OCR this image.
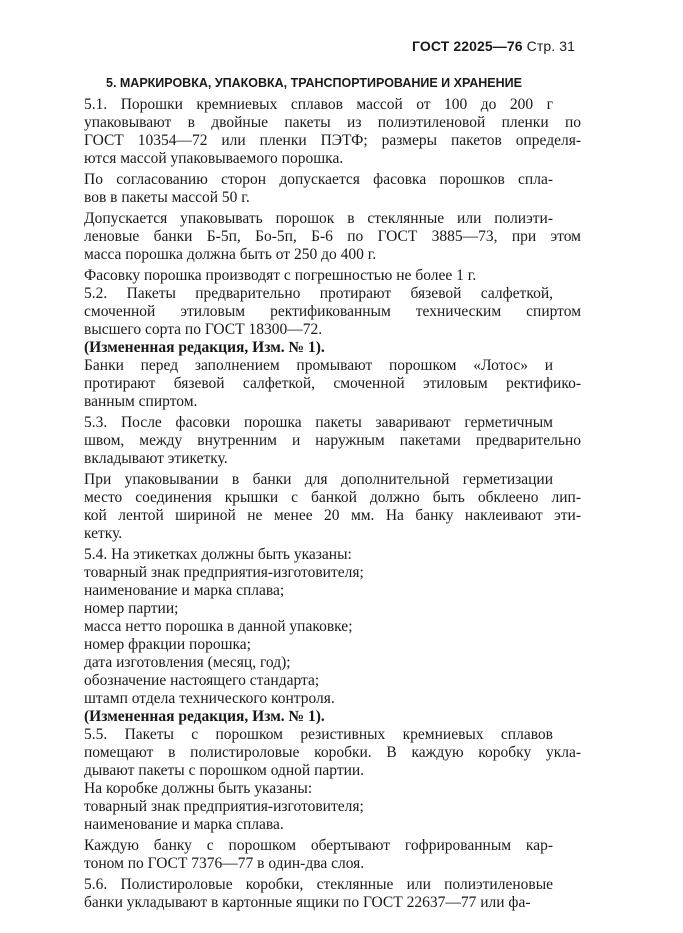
ГОСТ 22025—76 Стр. 31
5. МАРКИРОВКА, УПАКОВКА, ТРАНСПОРТИРОВАНИЕ И ХРАНЕНИЕ

5.1. Порошки кремниевых сплавов массой от 100 до 200 г
упаковывают в двойные пакеты из полиэтиленовой пленки по
ГОСТ 10354—72 или пленки ПЭТФ; размеры пакетов определя-
ются массой упаковываемого порошка.

По согласованию сторон допускается фасовка порошков спла-
вов в пакеты массой 50 г.

Допускается упаковывать порошок в стеклянные или полиэти-
леновые банки Б-5п, Бо-5п, Б-6 по ГОСТ 3885—73, при этом
масса порошка должна быть от 250 до 400 г.

Фасовку порошка производят с погрешностью не более 1 г.

5.2. Пакеты предварительно протирают бязевой салфеткой,
смоченной этиловым ректификованным техническим спиртом
высшего сорта по ГОСТ 18300—72.

(Измененная редакция, Изм. № 1).

Банки перед заполнением промывают порошком «Лотос» и
протирают бязевой салфеткой, смоченной этиловым ректифико-
ванным спиртом.

5.3. После фасовки порошка пакеты заваривают герметичным
швом, между внутренним и наружным пакетами предварительно
вкладывают этикетку.

При упаковывании в банки для дополнительной герметизации
место соединения крышки с банкой должно быть обклеено лип-
кой лентой шириной не менее 20 мм. На банку наклеивают эти-
кетку.

5.4. На этикетках должны быть указаны:

товарный знак предприятия-изготовителя;

наименование и марка сплава;

номер партии;

масса нетто порошка в данной упаковке;

номер фракции порошка;

дата изготовления (месяц, год);

обозначение настоящего стандарта;

штамп отдела технического контроля.

(Измененная редакция, Изм. № 1).

5.5. Пакеты с порошком резистивных кремниевых сплавов
помещают в полистироловые коробки. В каждую коробку укла-
дывают пакеты с порошком одной партии.

На коробке должны быть указаны:

товарный знак предприятия-изготовителя;

наименование и марка сплава.

Каждую банку с порошком обертывают гофрированным кар-
тоном по ГОСТ 7376—77 в один-два слоя.

5.6. Полистироловые коробки, стеклянные или полиэтиленовые
банки укладывают в картонные ящики по ГОСТ 22637—77 или фа-
